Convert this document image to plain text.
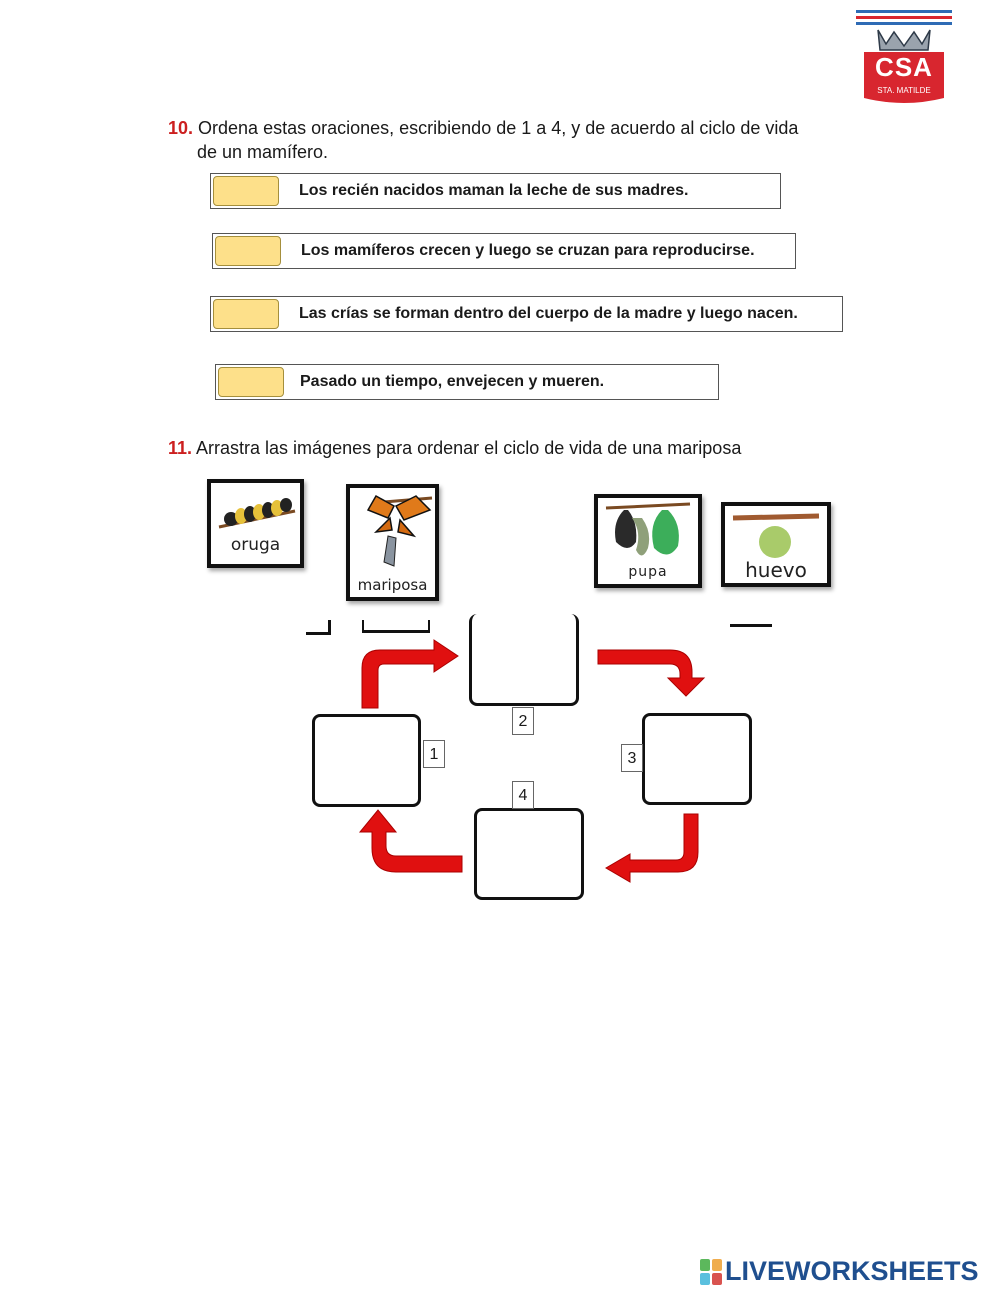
CSA
STA. MATILDE
10. Ordena estas oraciones, escribiendo de 1 a 4, y de acuerdo al ciclo de vida
de un mamífero.
Los recién nacidos maman la leche de sus madres.
Los mamíferos crecen y luego se cruzan para reproducirse.
Las crías se forman dentro del cuerpo de la madre y luego nacen.
Pasado un tiempo, envejecen y mueren.
11. Arrastra las imágenes para ordenar el ciclo de vida de una mariposa
oruga
mariposa
pupa	huevo
1
2
3
4
LIVEWORKSHEETS
